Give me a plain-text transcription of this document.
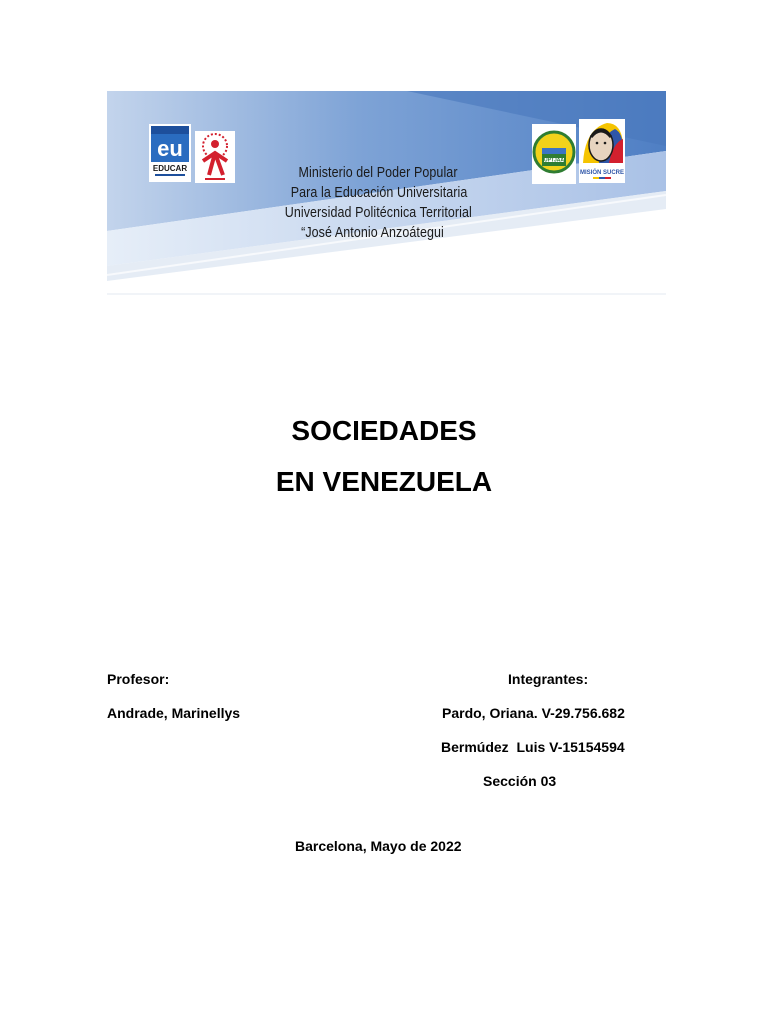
eu
EDUCAR
UPTJAA
MISIÓN SUCRE
Ministerio del Poder Popular
Para la Educación Universitaria
Universidad Politécnica Territorial
“José Antonio Anzoátegui
SOCIEDADES
EN VENEZUELA
Profesor:
Andrade, Marinellys
Integrantes:
Pardo, Oriana. V-29.756.682
Bermúdez  Luis V-15154594
Sección 03
Barcelona, Mayo de 2022
